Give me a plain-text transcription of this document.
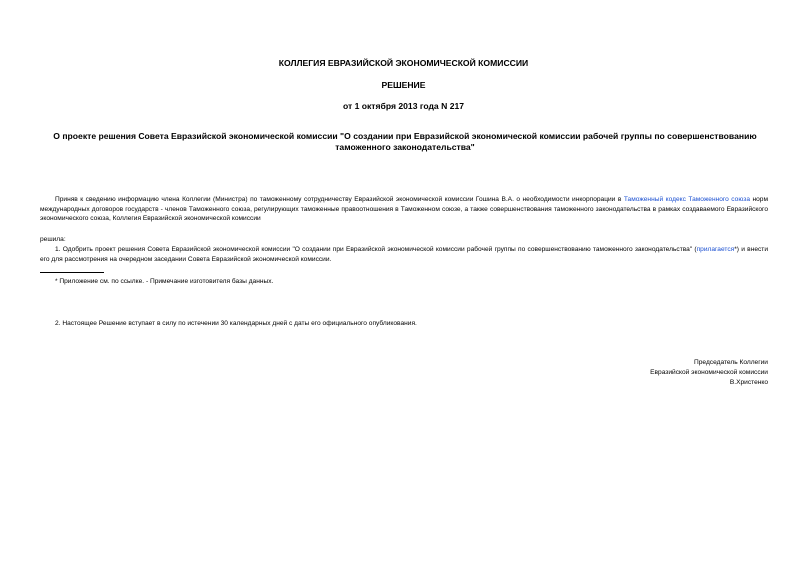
КОЛЛЕГИЯ ЕВРАЗИЙСКОЙ ЭКОНОМИЧЕСКОЙ КОМИССИИ
РЕШЕНИЕ
от 1 октября 2013 года N 217
О проекте решения Совета Евразийской экономической комиссии "О создании при Евразийской экономической комиссии рабочей группы по совершенствованию
таможенного законодательства"
Приняв к сведению информацию члена Коллегии (Министра) по таможенному сотрудничеству Евразийской экономической комиссии Гошина В.А. о необходимости инкорпорации в Таможенный кодекс Таможенного союза норм международных договоров государств - членов Таможенного союза, регулирующих таможенные правоотношения в Таможенном союзе, а также совершенствования таможенного законодательства в рамках создаваемого Евразийского экономического союза, Коллегия Евразийской экономической комиссии
решила:
1. Одобрить проект решения Совета Евразийской экономической комиссии "О создании при Евразийской экономической комиссии рабочей группы по совершенствованию таможенного законодательства" (прилагается*) и внести его для рассмотрения на очередном заседании Совета Евразийской экономической комиссии.
* Приложение см. по ссылке. - Примечание изготовителя базы данных.
2. Настоящее Решение вступает в силу по истечении 30 календарных дней с даты его официального опубликования.
Председатель Коллегии
Евразийской экономической комиссии
В.Христенко
